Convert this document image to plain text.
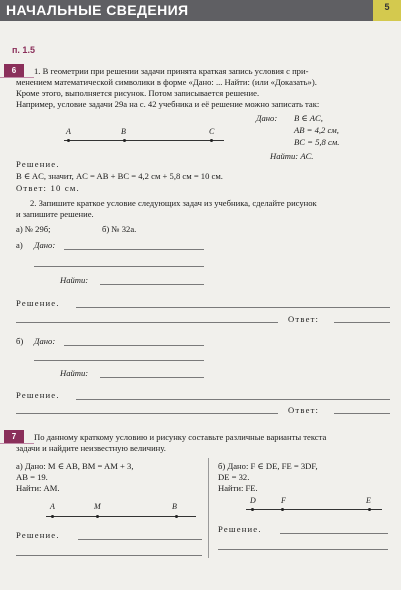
НАЧАЛЬНЫЕ СВЕДЕНИЯ	5
п. 1.5
6	1. В геометрии при решении задачи принята краткая запись условия с при-
менением математической символики в форме «Дано: ... Найти: (или «Доказать»).
Кроме этого, выполняется рисунок. Потом записывается решение.
Например, условие задачи 29а на с. 42 учебника и её решение можно записать так:
A	B	C
Дано: B ∈ AC,
AB = 4,2 см,
BC = 5,8 см.
Найти: AC.
Решение.
B ∈ AC, значит, AC = AB + BC = 4,2 см + 5,8 см = 10 см.
Ответ: 10 см.
2. Запишите краткое условие следующих задач из учебника, сделайте рисунок
и запишите решение.
а) № 29б;	б) № 32а.
а) Дано:
Найти:
Решение.
Ответ:
б) Дано:
Найти:
Решение.
Ответ:
7	По данному краткому условию и рисунку составьте различные варианты текста
задачи и найдите неизвестную величину.
а) Дано: M ∈ AB, BM = AM + 3,
AB = 19.
Найти: AM.
A	M	B
Решение.
б) Дано: F ∈ DE, FE = 3DF,
DE = 32.
Найти: FE.
D	F	E
Решение.
